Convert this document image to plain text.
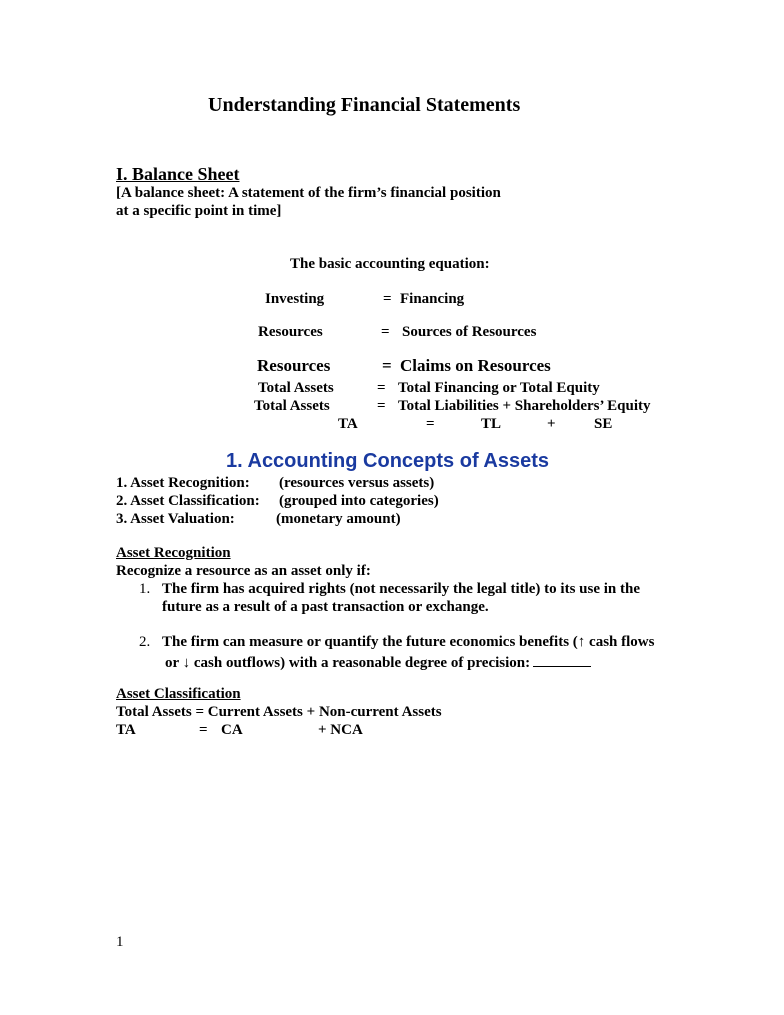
Understanding Financial Statements
I. Balance Sheet
[A balance sheet: A statement of the firm’s financial position
at a specific point in time]
The basic accounting equation:
Investing	= Financing
Resources	= Sources of Resources
Resources	= Claims on Resources
Total Assets	= Total Financing or Total Equity
Total Assets	= Total Liabilities + Shareholders’ Equity
TA	=	TL	+	SE
1. Accounting Concepts of Assets
1. Asset Recognition: (resources versus assets)
2. Asset Classification: (grouped into categories)
3. Asset Valuation:	(monetary amount)
Asset Recognition
Recognize a resource as an asset only if:
1. The firm has acquired rights (not necessarily the legal title) to its use in the
future as a result of a past transaction or exchange.
2. The firm can measure or quantify the future economics benefits (↑ cash flows
or ↓ cash outflows) with a reasonable degree of precision:
Asset Classification
Total Assets = Current Assets + Non-current Assets
TA	= CA	+ NCA
1
